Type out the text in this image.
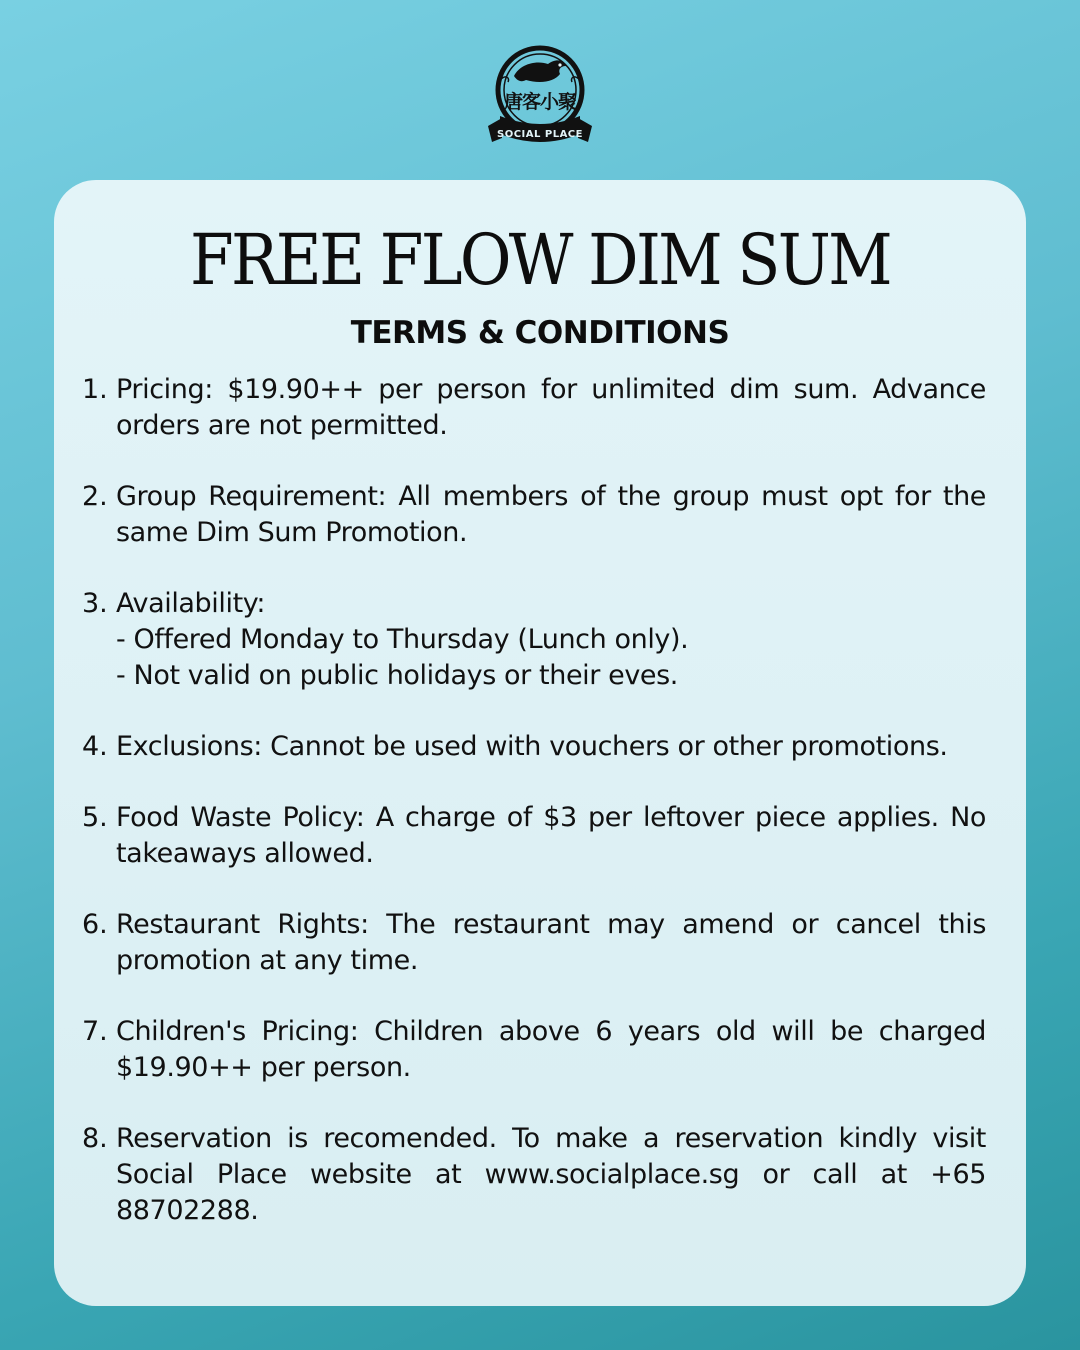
唐客小聚
SOCIAL PLACE
FREE FLOW DIM SUM
TERMS & CONDITIONS
1. Pricing: $19.90++ per person for unlimited dim sum. Advance orders are not permitted.
2. Group Requirement: All members of the group must opt for the same Dim Sum Promotion.
3. Availability:
- Offered Monday to Thursday (Lunch only).
- Not valid on public holidays or their eves.
4. Exclusions: Cannot be used with vouchers or other promotions.
5. Food Waste Policy: A charge of $3 per leftover piece applies. No takeaways allowed.
6. Restaurant Rights: The restaurant may amend or cancel this promotion at any time.
7. Children's Pricing: Children above 6 years old will be charged $19.90++ per person.
8. Reservation is recomended. To make a reservation kindly visit Social Place website at www.socialplace.sg or call at +65 88702288.
